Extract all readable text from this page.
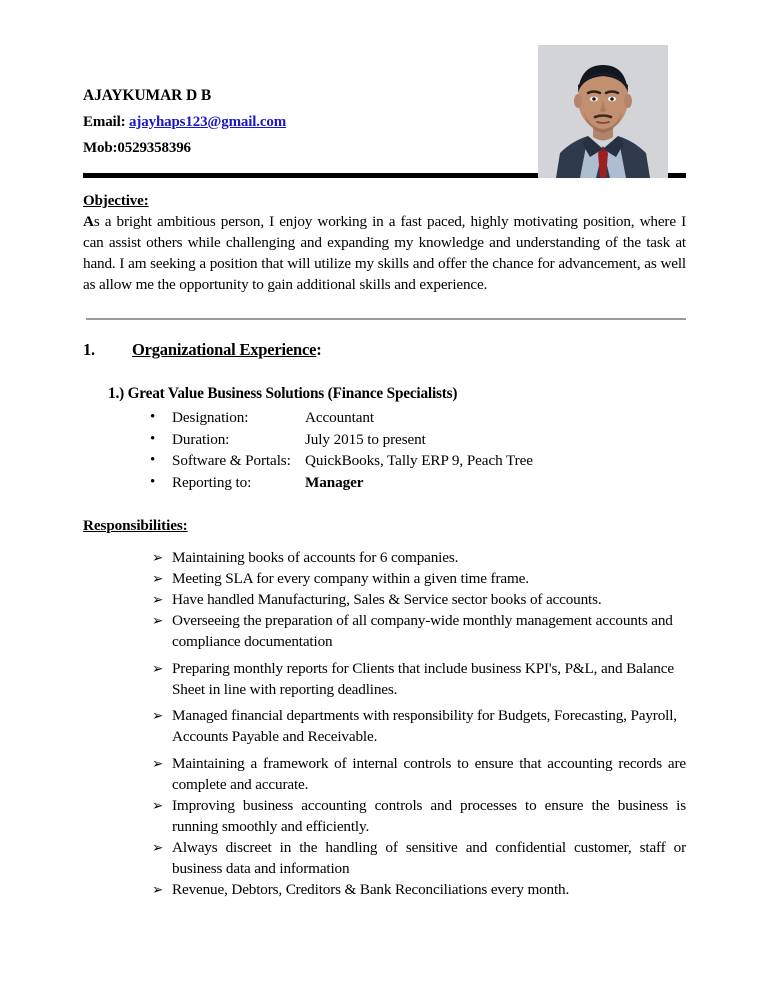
AJAYKUMAR D B
Email: ajayhaps123@gmail.com
Mob:0529358396
Objective:
As a bright ambitious person, I enjoy working in a fast paced, highly motivating position, where I can assist others while challenging and expanding my knowledge and understanding of the task at hand. I am seeking a position that will utilize my skills and offer the chance for advancement, as well as allow me the opportunity to gain additional skills and experience.
1.	Organizational Experience:
1.) Great Value Business Solutions (Finance Specialists)
•	Designation:	Accountant
•	Duration:	July 2015 to present
•	Software & Portals: QuickBooks, Tally ERP 9, Peach Tree
•	Reporting to:	Manager
Responsibilities:
➢ Maintaining books of accounts for 6 companies.
➢ Meeting SLA for every company within a given time frame.
➢ Have handled Manufacturing, Sales & Service sector books of accounts.
➢ Overseeing the preparation of all company-wide monthly management accounts and compliance documentation
➢ Preparing monthly reports for Clients that include business KPI's, P&L, and Balance Sheet in line with reporting deadlines.
➢ Managed financial departments with responsibility for Budgets, Forecasting, Payroll, Accounts Payable and Receivable.
➢ Maintaining a framework of internal controls to ensure that accounting records are complete and accurate.
➢ Improving business accounting controls and processes to ensure the business is running smoothly and efficiently.
➢ Always discreet in the handling of sensitive and confidential customer, staff or business data and information
➢ Revenue, Debtors, Creditors & Bank Reconciliations every month.
